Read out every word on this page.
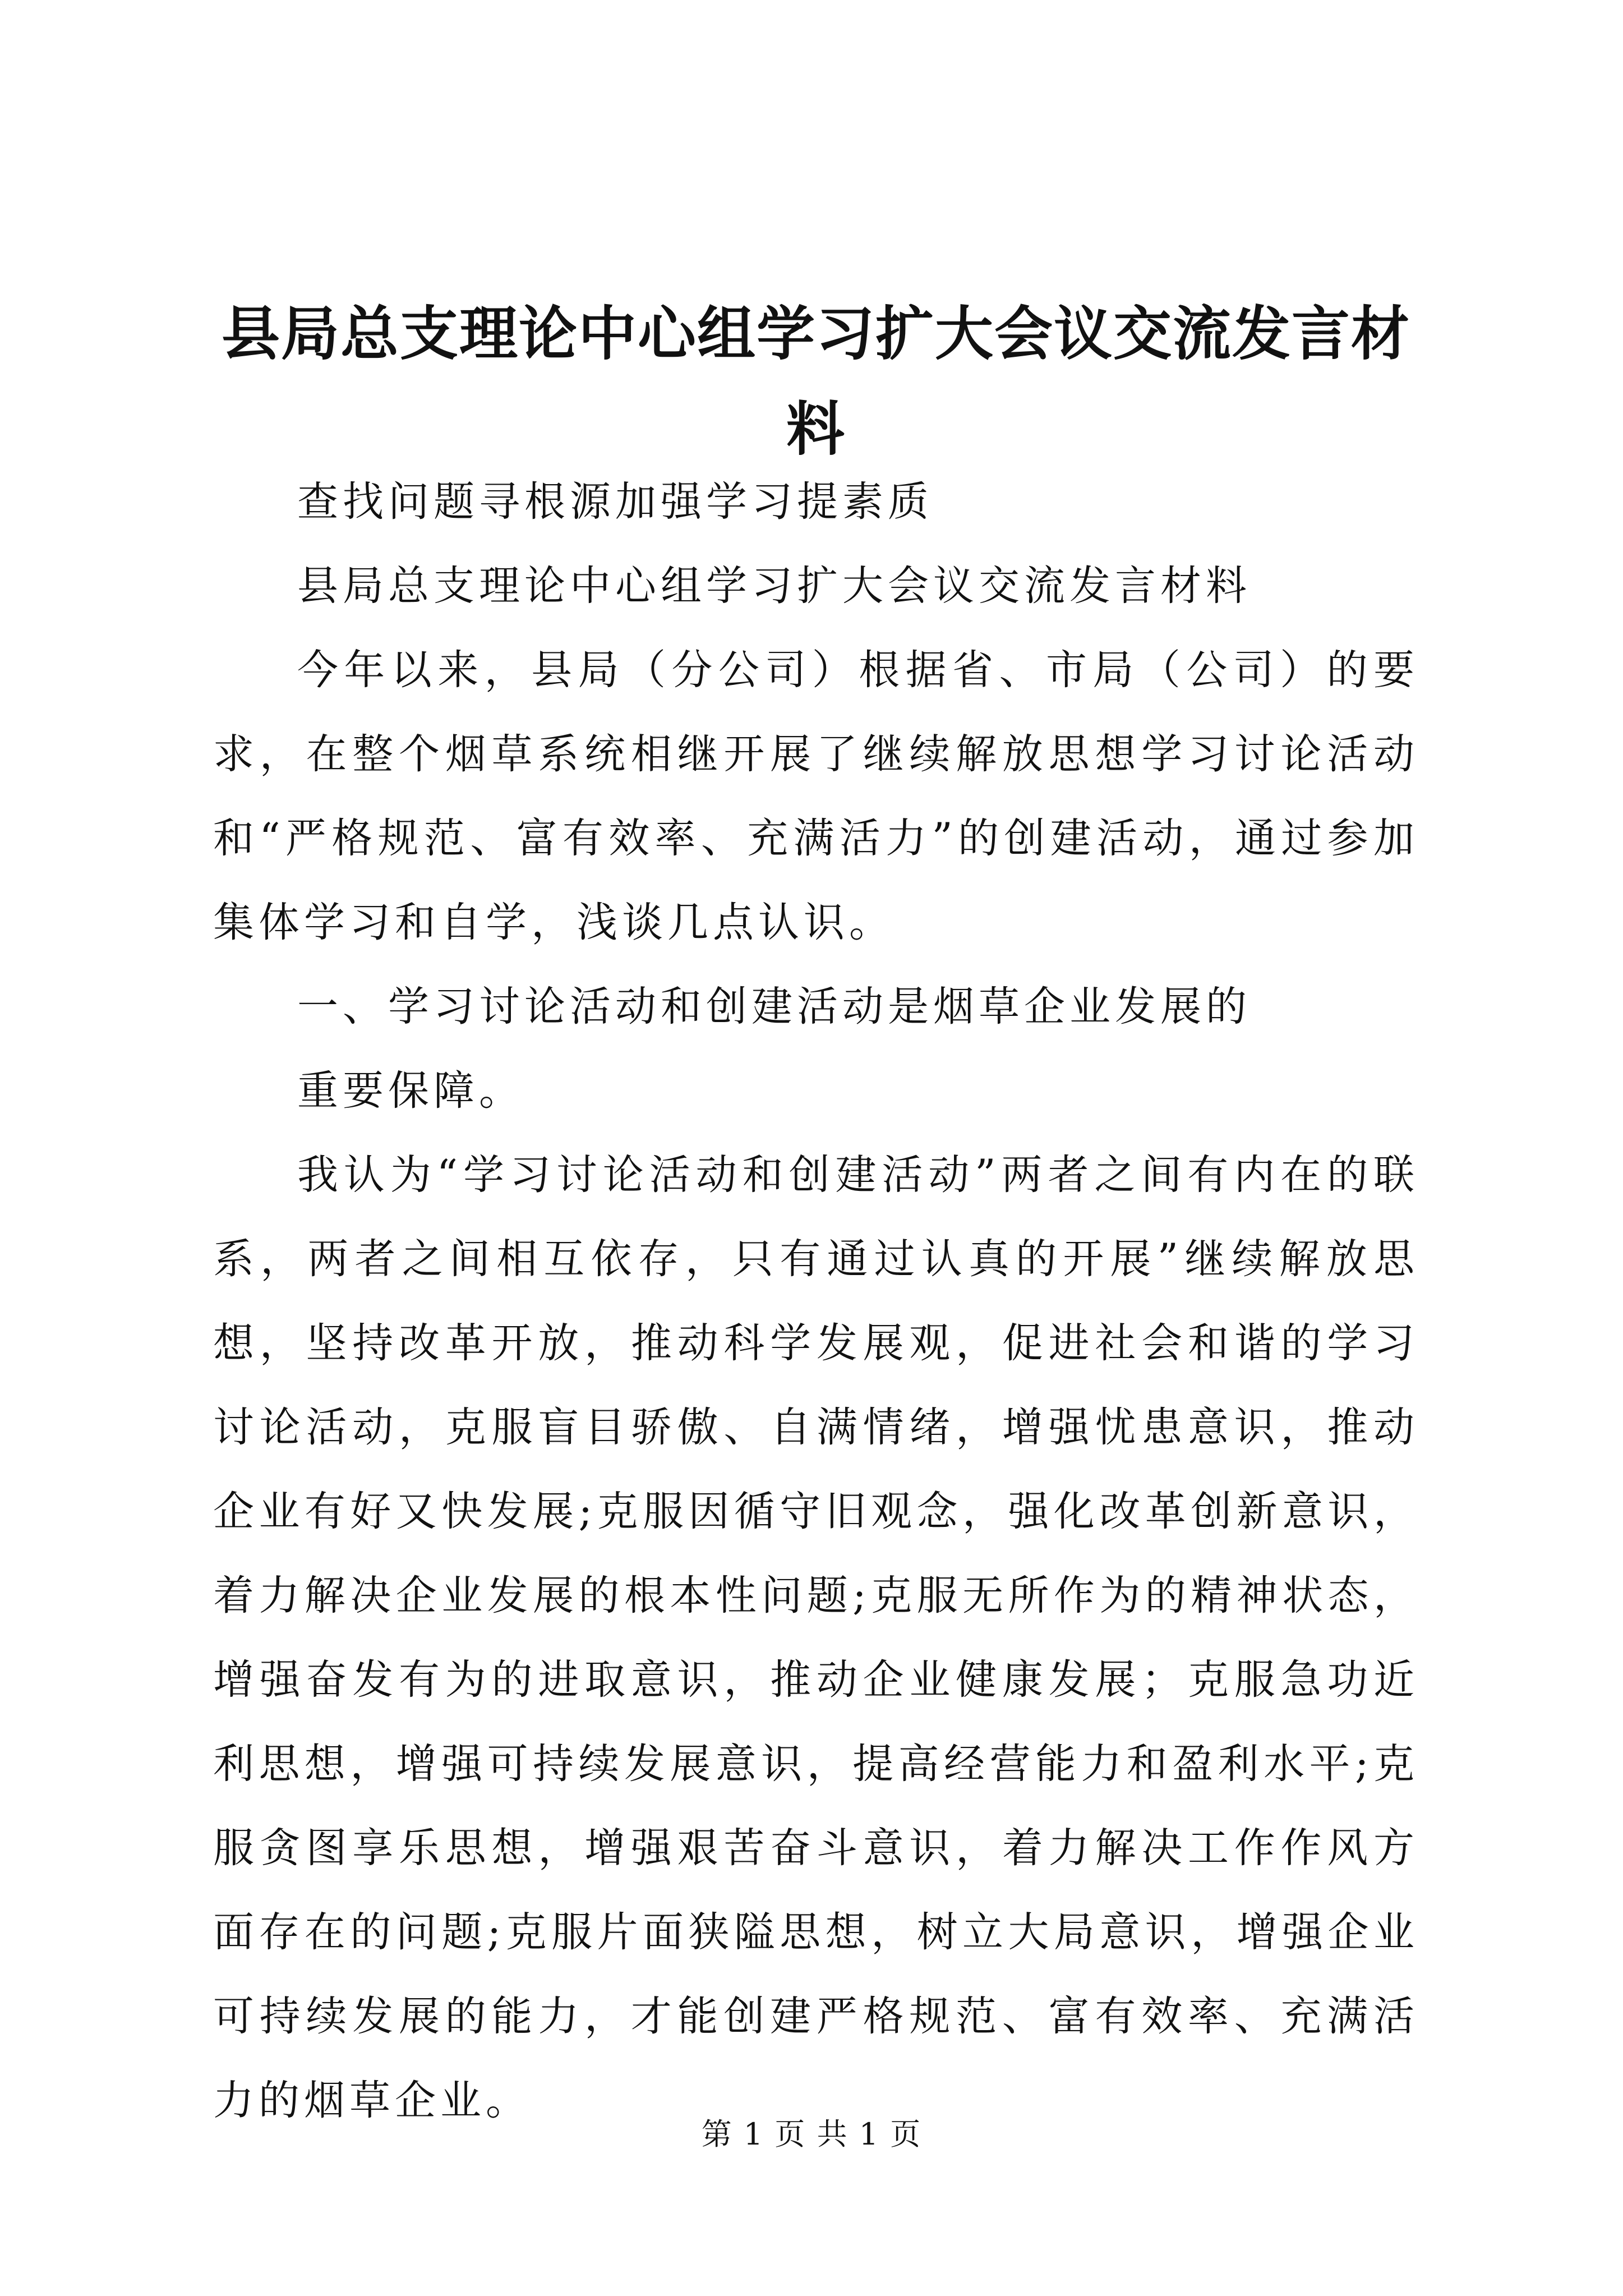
县局总支理论中心组学习扩大会议交流发言材料

查找问题寻根源加强学习提素质

县局总支理论中心组学习扩大会议交流发言材料

今年以来，县局（分公司）根据省、市局（公司）的要求，在整个烟草系统相继开展了继续解放思想学习讨论活动和“严格规范、富有效率、充满活力”的创建活动，通过参加集体学习和自学，浅谈几点认识。

一、学习讨论活动和创建活动是烟草企业发展的

重要保障。

我认为“学习讨论活动和创建活动”两者之间有内在的联系，两者之间相互依存，只有通过认真的开展”继续解放思想，坚持改革开放，推动科学发展观，促进社会和谐的学习讨论活动，克服盲目骄傲、自满情绪，增强忧患意识，推动企业有好又快发展;克服因循守旧观念，强化改革创新意识，着力解决企业发展的根本性问题;克服无所作为的精神状态，增强奋发有为的进取意识，推动企业健康发展；克服急功近利思想，增强可持续发展意识，提高经营能力和盈利水平;克服贪图享乐思想，增强艰苦奋斗意识，着力解决工作作风方面存在的问题;克服片面狭隘思想，树立大局意识，增强企业可持续发展的能力，才能创建严格规范、富有效率、充满活力的烟草企业。

第 1 页 共 1 页
